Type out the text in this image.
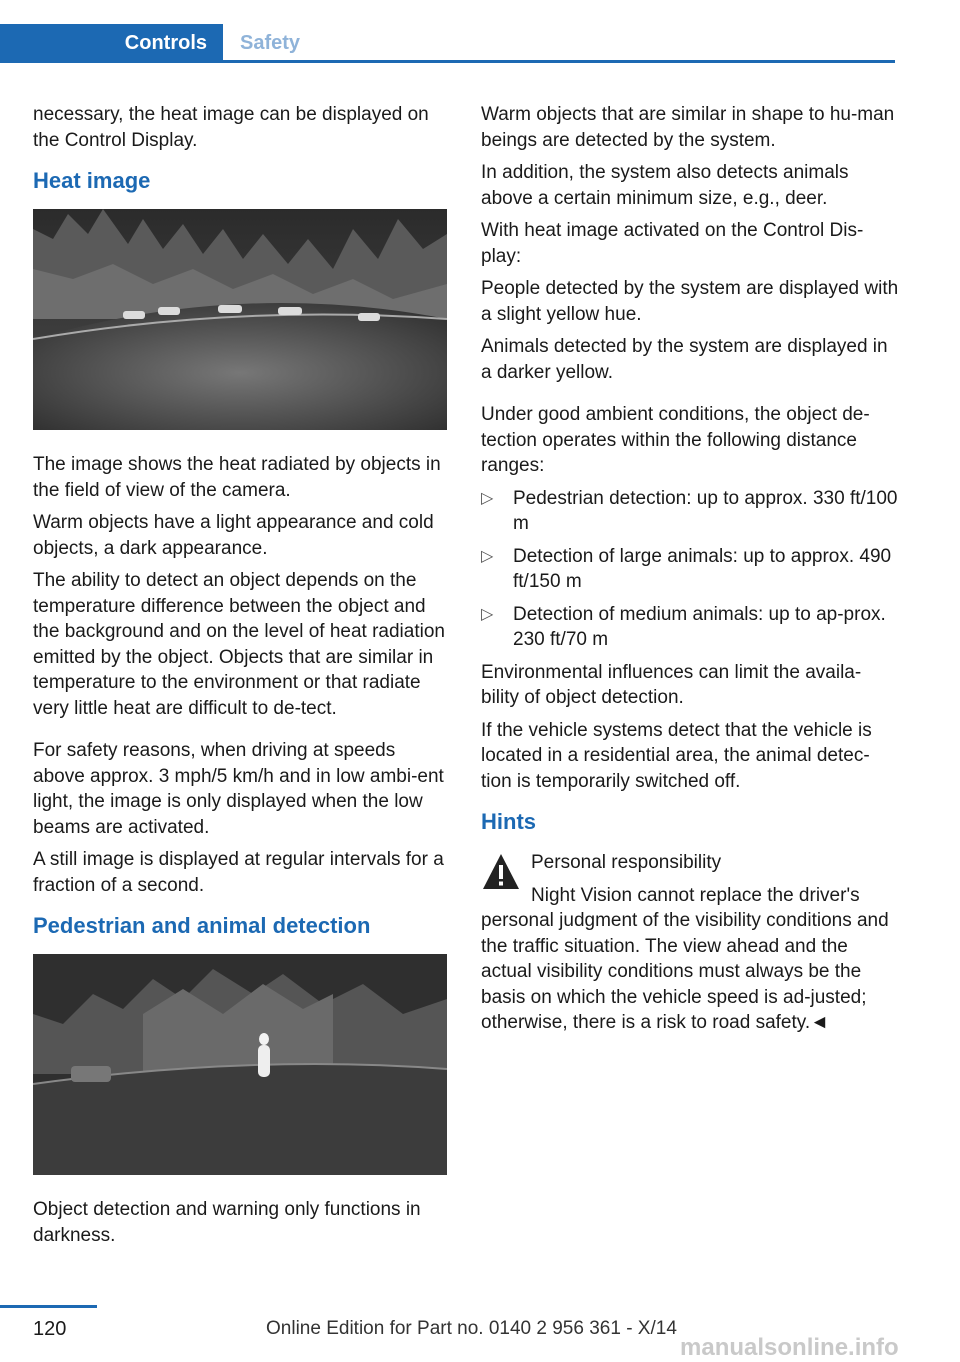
Controls	Safety

necessary, the heat image can be displayed on the Control Display.

Heat image

The image shows the heat radiated by objects in the field of view of the camera.

Warm objects have a light appearance and cold objects, a dark appearance.

The ability to detect an object depends on the temperature difference between the object and the background and on the level of heat radiation emitted by the object. Objects that are similar in temperature to the environment or that radiate very little heat are difficult to de‐tect.

For safety reasons, when driving at speeds above approx. 3 mph/5 km/h and in low ambi‐ent light, the image is only displayed when the low beams are activated.

A still image is displayed at regular intervals for a fraction of a second.

Pedestrian and animal detection

Object detection and warning only functions in darkness.

Warm objects that are similar in shape to hu‐man beings are detected by the system.

In addition, the system also detects animals above a certain minimum size, e.g., deer.

With heat image activated on the Control Dis‐play:

People detected by the system are displayed with a slight yellow hue.

Animals detected by the system are displayed in a darker yellow.

Under good ambient conditions, the object de‐tection operates within the following distance ranges:

▷ Pedestrian detection: up to approx. 330 ft/100 m
▷ Detection of large animals: up to approx. 490 ft/150 m
▷ Detection of medium animals: up to ap‐prox. 230 ft/70 m

Environmental influences can limit the availa‐bility of object detection.

If the vehicle systems detect that the vehicle is located in a residential area, the animal detec‐tion is temporarily switched off.

Hints

Personal responsibility

Night Vision cannot replace the driver's personal judgment of the visibility conditions and the traffic situation. The view ahead and the actual visibility conditions must always be the basis on which the vehicle speed is ad‐justed; otherwise, there is a risk to road safety.◄

120	Online Edition for Part no. 0140 2 956 361 - X/14
manualsonline.info
